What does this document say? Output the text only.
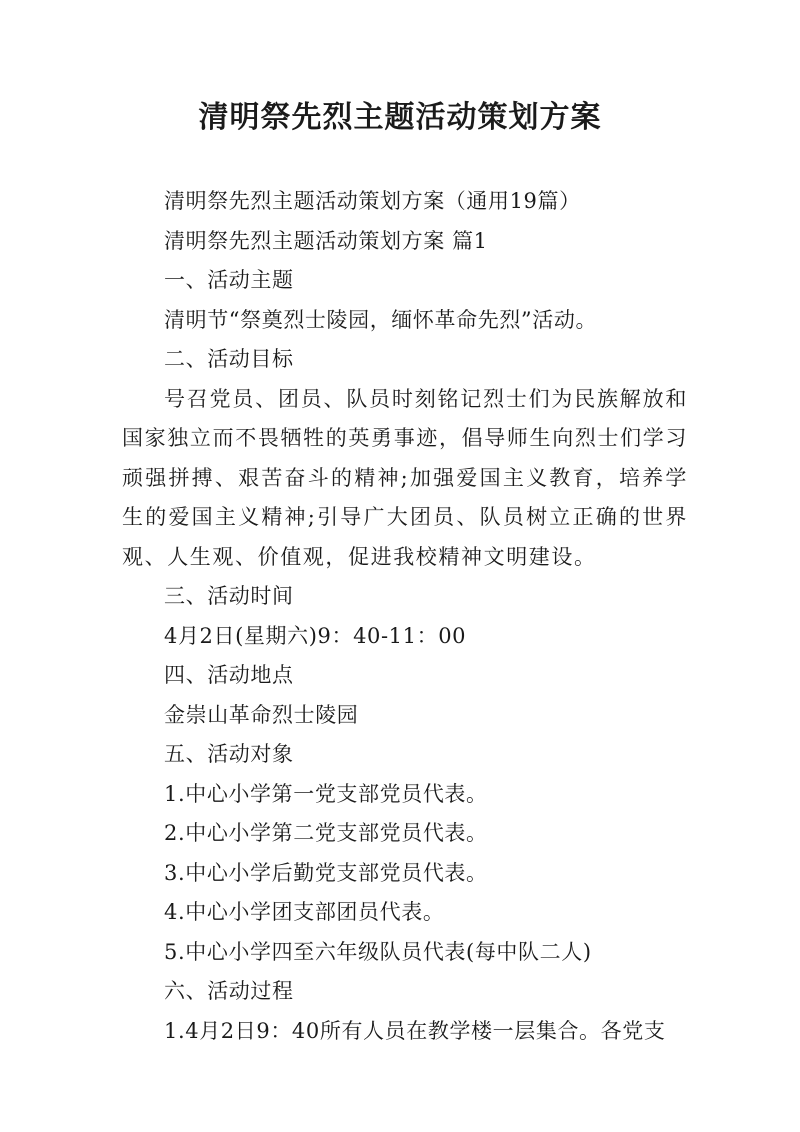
清明祭先烈主题活动策划方案
清明祭先烈主题活动策划方案（通用19篇）
清明祭先烈主题活动策划方案 篇1
一、活动主题
清明节“祭奠烈士陵园，缅怀革命先烈”活动。
二、活动目标
号召党员、团员、队员时刻铭记烈士们为民族解放和国家独立而不畏牺牲的英勇事迹，倡导师生向烈士们学习顽强拼搏、艰苦奋斗的精神;加强爱国主义教育，培养学生的爱国主义精神;引导广大团员、队员树立正确的世界观、人生观、价值观，促进我校精神文明建设。
三、活动时间
4月2日(星期六)9：40-11：00
四、活动地点
金崇山革命烈士陵园
五、活动对象
1.中心小学第一党支部党员代表。
2.中心小学第二党支部党员代表。
3.中心小学后勤党支部党员代表。
4.中心小学团支部团员代表。
5.中心小学四至六年级队员代表(每中队二人)
六、活动过程
1.4月2日9：40所有人员在教学楼一层集合。各党支
